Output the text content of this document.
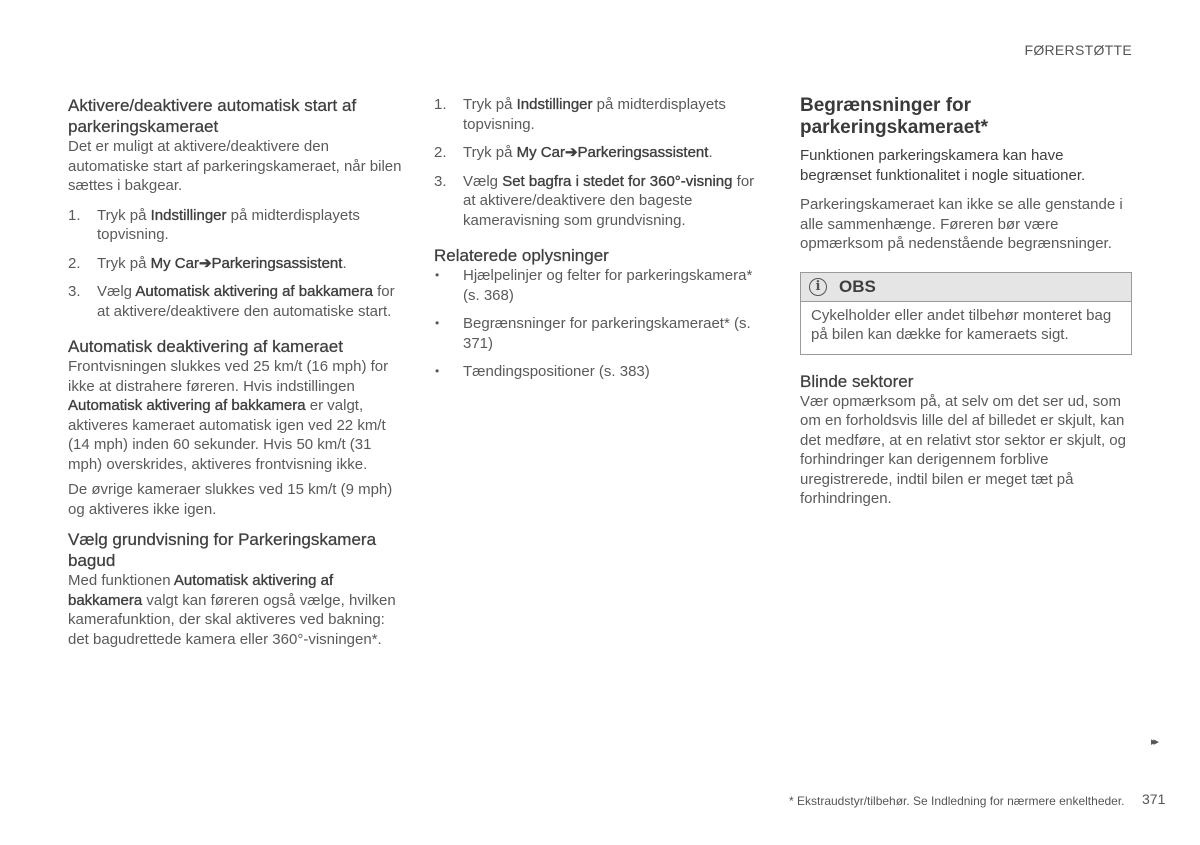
FØRERSTØTTE
Aktivere/deaktivere automatisk start af parkeringskameraet

Det er muligt at aktivere/deaktivere den automatiske start af parkeringskameraet, når bilen sættes i bakgear.

1. Tryk på Indstillinger på midterdisplayets topvisning.
2. Tryk på My Car➔Parkeringsassistent.
3. Vælg Automatisk aktivering af bakkamera for at aktivere/deaktivere den automatiske start.
Automatisk deaktivering af kameraet

Frontvisningen slukkes ved 25 km/t (16 mph) for ikke at distrahere føreren. Hvis indstillingen Automatisk aktivering af bakkamera er valgt, aktiveres kameraet automatisk igen ved 22 km/t (14 mph) inden 60 sekunder. Hvis 50 km/t (31 mph) overskrides, aktiveres frontvisning ikke.

De øvrige kameraer slukkes ved 15 km/t (9 mph) og aktiveres ikke igen.

Vælg grundvisning for Parkeringskamera bagud

Med funktionen Automatisk aktivering af bakkamera valgt kan føreren også vælge, hvilken kamerafunktion, der skal aktiveres ved bakning: det bagudrettede kamera eller 360°-visningen*.

1. Tryk på Indstillinger på midterdisplayets topvisning.
2. Tryk på My Car➔Parkeringsassistent.
3. Vælg Set bagfra i stedet for 360°-visning for at aktivere/deaktivere den bageste kameravisning som grundvisning.
Relaterede oplysninger
• Hjælpelinjer og felter for parkeringskamera* (s. 368)
• Begrænsninger for parkeringskameraet* (s. 371)
• Tændingspositioner (s. 383)
Begrænsninger for parkeringskameraet*

Funktionen parkeringskamera kan have begrænset funktionalitet i nogle situationer.

Parkeringskameraet kan ikke se alle genstande i alle sammenhænge. Føreren bør være opmærksom på nedenstående begrænsninger.

i	OBS
Cykelholder eller andet tilbehør monteret bag på bilen kan dække for kameraets sigt.
Blinde sektorer

Vær opmærksom på, at selv om det ser ud, som om en forholdsvis lille del af billedet er skjult, kan det medføre, at en relativt stor sektor er skjult, og forhindringer kan derigennem forblive uregistrerede, indtil bilen er meget tæt på forhindringen.

▸▸
* Ekstraudstyr/tilbehør. Se Indledning for nærmere enkeltheder. 371
